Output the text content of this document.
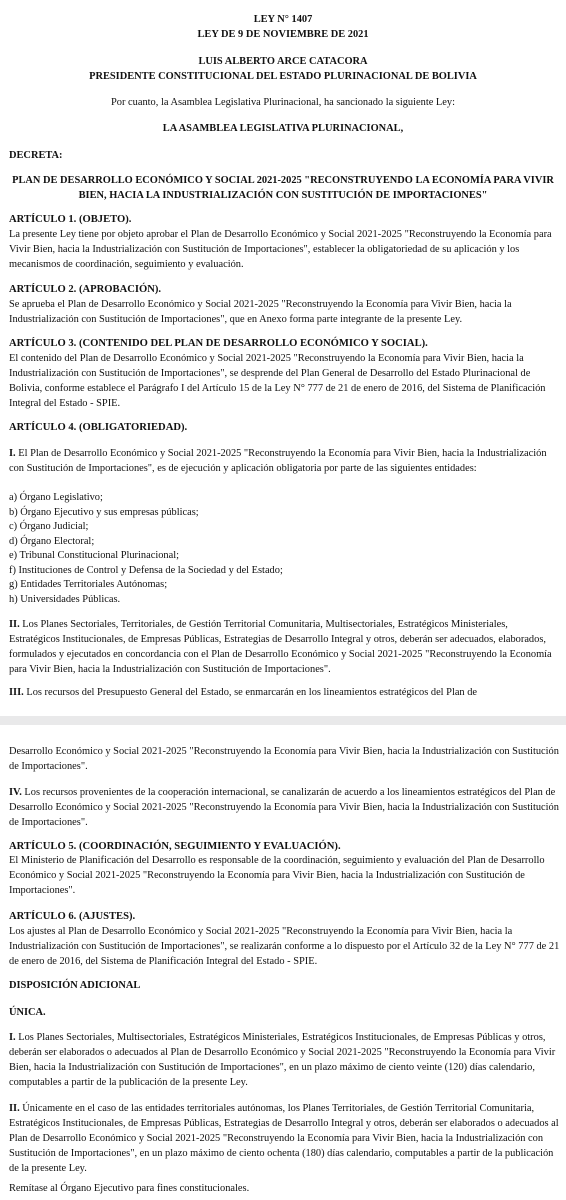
LEY N° 1407
LEY DE 9 DE NOVIEMBRE DE 2021
LUIS ALBERTO ARCE CATACORA
PRESIDENTE CONSTITUCIONAL DEL ESTADO PLURINACIONAL DE BOLIVIA
Por cuanto, la Asamblea Legislativa Plurinacional, ha sancionado la siguiente Ley:
LA ASAMBLEA LEGISLATIVA PLURINACIONAL,
DECRETA:
PLAN DE DESARROLLO ECONÓMICO Y SOCIAL 2021-2025 "RECONSTRUYENDO LA ECONOMÍA PARA VIVIR BIEN, HACIA LA INDUSTRIALIZACIÓN CON SUSTITUCIÓN DE IMPORTACIONES"
ARTÍCULO 1. (OBJETO).
La presente Ley tiene por objeto aprobar el Plan de Desarrollo Económico y Social 2021-2025 "Reconstruyendo la Economía para Vivir Bien, hacia la Industrialización con Sustitución de Importaciones", establecer la obligatoriedad de su aplicación y los mecanismos de coordinación, seguimiento y evaluación.
ARTÍCULO 2. (APROBACIÓN).
Se aprueba el Plan de Desarrollo Económico y Social 2021-2025 "Reconstruyendo la Economía para Vivir Bien, hacia la Industrialización con Sustitución de Importaciones", que en Anexo forma parte integrante de la presente Ley.
ARTÍCULO 3. (CONTENIDO DEL PLAN DE DESARROLLO ECONÓMICO Y SOCIAL).
El contenido del Plan de Desarrollo Económico y Social 2021-2025 "Reconstruyendo la Economía para Vivir Bien, hacia la Industrialización con Sustitución de Importaciones", se desprende del Plan General de Desarrollo del Estado Plurinacional de Bolivia, conforme establece el Parágrafo I del Artículo 15 de la Ley N° 777 de 21 de enero de 2016, del Sistema de Planificación Integral del Estado - SPIE.
ARTÍCULO 4. (OBLIGATORIEDAD).
I. El Plan de Desarrollo Económico y Social 2021-2025 "Reconstruyendo la Economía para Vivir Bien, hacia la Industrialización con Sustitución de Importaciones", es de ejecución y aplicación obligatoria por parte de las siguientes entidades:
a) Órgano Legislativo;
b) Órgano Ejecutivo y sus empresas públicas;
c) Órgano Judicial;
d) Órgano Electoral;
e) Tribunal Constitucional Plurinacional;
f) Instituciones de Control y Defensa de la Sociedad y del Estado;
g) Entidades Territoriales Autónomas;
h) Universidades Públicas.
II. Los Planes Sectoriales, Territoriales, de Gestión Territorial Comunitaria, Multisectoriales, Estratégicos Ministeriales, Estratégicos Institucionales, de Empresas Públicas, Estrategias de Desarrollo Integral y otros, deberán ser adecuados, elaborados, formulados y ejecutados en concordancia con el Plan de Desarrollo Económico y Social 2021-2025 "Reconstruyendo la Economía para Vivir Bien, hacia la Industrialización con Sustitución de Importaciones".
III. Los recursos del Presupuesto General del Estado, se enmarcarán en los lineamientos estratégicos del Plan de
Desarrollo Económico y Social 2021-2025 "Reconstruyendo la Economía para Vivir Bien, hacia la Industrialización con Sustitución de Importaciones".
IV. Los recursos provenientes de la cooperación internacional, se canalizarán de acuerdo a los lineamientos estratégicos del Plan de Desarrollo Económico y Social 2021-2025 "Reconstruyendo la Economía para Vivir Bien, hacia la Industrialización con Sustitución de Importaciones".
ARTÍCULO 5. (COORDINACIÓN, SEGUIMIENTO Y EVALUACIÓN).
El Ministerio de Planificación del Desarrollo es responsable de la coordinación, seguimiento y evaluación del Plan de Desarrollo Económico y Social 2021-2025 "Reconstruyendo la Economía para Vivir Bien, hacia la Industrialización con Sustitución de Importaciones".
ARTÍCULO 6. (AJUSTES).
Los ajustes al Plan de Desarrollo Económico y Social 2021-2025 "Reconstruyendo la Economía para Vivir Bien, hacia la Industrialización con Sustitución de Importaciones", se realizarán conforme a lo dispuesto por el Artículo 32 de la Ley N° 777 de 21 de enero de 2016, del Sistema de Planificación Integral del Estado - SPIE.
DISPOSICIÓN ADICIONAL
ÚNICA.
I. Los Planes Sectoriales, Multisectoriales, Estratégicos Ministeriales, Estratégicos Institucionales, de Empresas Públicas y otros, deberán ser elaborados o adecuados al Plan de Desarrollo Económico y Social 2021-2025 "Reconstruyendo la Economía para Vivir Bien, hacia la Industrialización con Sustitución de Importaciones", en un plazo máximo de ciento veinte (120) días calendario, computables a partir de la publicación de la presente Ley.
II. Únicamente en el caso de las entidades territoriales autónomas, los Planes Territoriales, de Gestión Territorial Comunitaria, Estratégicos Institucionales, de Empresas Públicas, Estrategias de Desarrollo Integral y otros, deberán ser elaborados o adecuados al Plan de Desarrollo Económico y Social 2021-2025 "Reconstruyendo la Economía para Vivir Bien, hacia la Industrialización con Sustitución de Importaciones", en un plazo máximo de ciento ochenta (180) días calendario, computables a partir de la publicación de la presente Ley.
Remítase al Órgano Ejecutivo para fines constitucionales.
